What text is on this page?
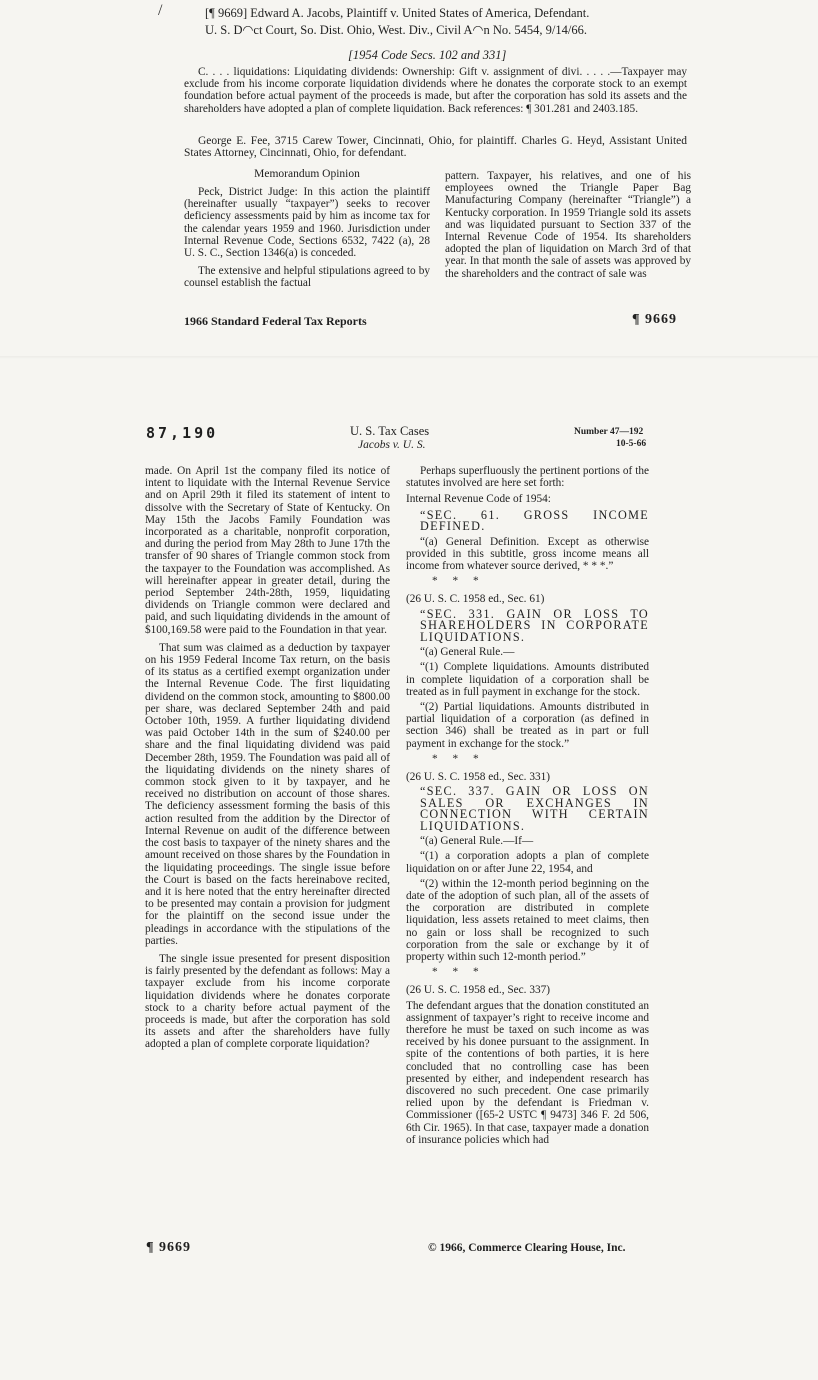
/	[¶ 9669] Edward A. Jacobs, Plaintiff v. United States of America, Defendant.
U. S. D◠ct Court, So. Dist. Ohio, West. Div., Civil A◠n No. 5454, 9/14/66.
[1954 Code Secs. 102 and 331]
C. . . . liquidations: Liquidating dividends: Ownership: Gift v. assignment of divi. . . . .—Taxpayer may exclude from his income corporate liquidation dividends where he donates the corporate stock to an exempt foundation before actual payment of the proceeds is made, but after the corporation has sold its assets and the shareholders have adopted a plan of complete liquidation. Back references: ¶ 301.281 and 2403.185.
George E. Fee, 3715 Carew Tower, Cincinnati, Ohio, for plaintiff. Charles G. Heyd, Assistant United States Attorney, Cincinnati, Ohio, for defendant.
Memorandum Opinion

Peck, District Judge: In this action the plaintiff (hereinafter usually “taxpayer”) seeks to recover deficiency assessments paid by him as income tax for the calendar years 1959 and 1960. Jurisdiction under Internal Revenue Code, Sections 6532, 7422 (a), 28 U. S. C., Section 1346(a) is conceded.

The extensive and helpful stipulations agreed to by counsel establish the factual

pattern. Taxpayer, his relatives, and one of his employees owned the Triangle Paper Bag Manufacturing Company (hereinafter “Triangle”) a Kentucky corporation. In 1959 Triangle sold its assets and was liquidated pursuant to Section 337 of the Internal Revenue Code of 1954. Its shareholders adopted the plan of liquidation on March 3rd of that year. In that month the sale of assets was approved by the shareholders and the contract of sale was
1966 Standard Federal Tax Reports	¶ 9669
87,190	U. S. Tax Cases
Jacobs v. U. S.
Number 47—192
10-5-66

made. On April 1st the company filed its notice of intent to liquidate with the Internal Revenue Service and on April 29th it filed its statement of intent to dissolve with the Secretary of State of Kentucky. On May 15th the Jacobs Family Foundation was incorporated as a charitable, nonprofit corporation, and during the period from May 28th to June 17th the transfer of 90 shares of Triangle common stock from the taxpayer to the Foundation was accomplished. As will hereinafter appear in greater detail, during the period September 24th-28th, 1959, liquidating dividends on Triangle common were declared and paid, and such liquidating dividends in the amount of $100,169.58 were paid to the Foundation in that year.

That sum was claimed as a deduction by taxpayer on his 1959 Federal Income Tax return, on the basis of its status as a certified exempt organization under the Internal Revenue Code. The first liquidating dividend on the common stock, amounting to $800.00 per share, was declared September 24th and paid October 10th, 1959. A further liquidating dividend was paid October 14th in the sum of $240.00 per share and the final liquidating dividend was paid December 28th, 1959. The Foundation was paid all of the liquidating dividends on the ninety shares of common stock given to it by taxpayer, and he received no distribution on account of those shares. The deficiency assessment forming the basis of this action resulted from the addition by the Director of Internal Revenue on audit of the difference between the cost basis to taxpayer of the ninety shares and the amount received on those shares by the Foundation in the liquidating proceedings. The single issue before the Court is based on the facts hereinabove recited, and it is here noted that the entry hereinafter directed to be presented may contain a provision for judgment for the plaintiff on the second issue under the pleadings in accordance with the stipulations of the parties.

The single issue presented for present disposition is fairly presented by the defendant as follows: May a taxpayer exclude from his income corporate liquidation dividends where he donates corporate stock to a charity before actual payment of the proceeds is made, but after the corporation has sold its assets and after the shareholders have fully adopted a plan of complete corporate liquidation?

Perhaps superfluously the pertinent portions of the statutes involved are here set forth:

Internal Revenue Code of 1954:

“SEC. 61. GROSS INCOME DEFINED.

“(a) General Definition. Except as otherwise provided in this subtitle, gross income means all income from whatever source derived, * * *.”

* * *

(26 U. S. C. 1958 ed., Sec. 61)

“SEC. 331. GAIN OR LOSS TO SHAREHOLDERS IN CORPORATE LIQUIDATIONS.

“(a) General Rule.—

“(1) Complete liquidations. Amounts distributed in complete liquidation of a corporation shall be treated as in full payment in exchange for the stock.

“(2) Partial liquidations. Amounts distributed in partial liquidation of a corporation (as defined in section 346) shall be treated as in part or full payment in exchange for the stock.”

* * *

(26 U. S. C. 1958 ed., Sec. 331)

“SEC. 337. GAIN OR LOSS ON SALES OR EXCHANGES IN CONNECTION WITH CERTAIN LIQUIDATIONS.

“(a) General Rule.—If—

“(1) a corporation adopts a plan of complete liquidation on or after June 22, 1954, and

“(2) within the 12-month period beginning on the date of the adoption of such plan, all of the assets of the corporation are distributed in complete liquidation, less assets retained to meet claims, then no gain or loss shall be recognized to such corporation from the sale or exchange by it of property within such 12-month period.”

* * *

(26 U. S. C. 1958 ed., Sec. 337)

The defendant argues that the donation constituted an assignment of taxpayer’s right to receive income and therefore he must be taxed on such income as was received by his donee pursuant to the assignment. In spite of the contentions of both parties, it is here concluded that no controlling case has been presented by either, and independent research has discovered no such precedent. One case primarily relied upon by the defendant is Friedman v. Commissioner ([65-2 USTC ¶ 9473] 346 F. 2d 506, 6th Cir. 1965). In that case, taxpayer made a donation of insurance policies which had

¶ 9669	© 1966, Commerce Clearing House, Inc.
